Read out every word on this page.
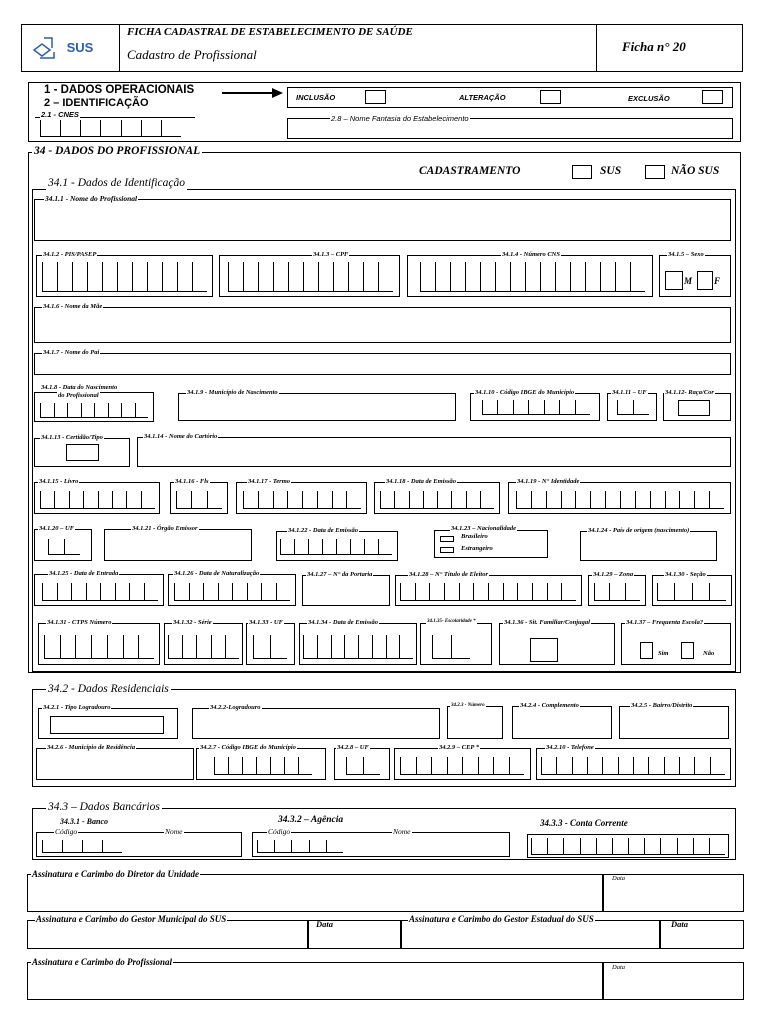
SUS
FICHA CADASTRAL DE ESTABELECIMENTO DE SAÚDE
Cadastro de Profissional
Ficha n° 20
1 - DADOS OPERACIONAIS
2 – IDENTIFICAÇÃO	INCLUSÃO	ALTERAÇÃO	EXCLUSÃO
2.1 - CNES	2.8 – Nome Fantasia do Estabelecimento
34 - DADOS DO PROFISSIONAL
CADASTRAMENTO	SUS	NÃO SUS
34.1 - Dados de Identificação
34.1.1 - Nome do Profissional
34.1.2 - PIS/PASEP	34.1.3 – CPF	34.1.4 - Número CNS	34.1.5 – Sexo
M F
34.1.6 - Nome da Mãe
34.1.7 - Nome do Pai
34.1.8 - Data do Nascimento
do Profissional	34.1.9 - Município de Nascimento	34.1.10 - Código IBGE do Município	34.1.11 – UF	34.1.12- Raça/Cor
34.1.13 - Certidão/Tipo	34.1.14 - Nome do Cartório
34.1.15 - Livro	34.1.16 - Fls	34.1.17 - Termo	34.1.18 - Data de Emissão	34.1.19 - N° Identidade
34.1.20 – UF	34.1.21 - Órgão Emissor	34.1.22 - Data de Emissão	34.1.23 – Nacionalidade
Brasileiro
Estrangeiro
34.1.24 - País de origem (nascimento)
34.1.25 - Data de Entrada	34.1.26 - Data de Naturalização	34.1.27 – N° da Portaria	34.1.28 – N° Título de Eleitor	34.1.29 – Zona	34.1.30 - Seção
34.1.31 - CTPS Número	34.1.32 - Série	34.1.33 - UF	34.1.34 - Data de Emissão	34.1.35- Escolaridade *	34.1.36 - Sit. Familiar/Conjugal	34.1.37 – Frequenta Escola?
Sim	Não
34.2 - Dados Residenciais
34.2.1 - Tipo Logradouro	34.2.2-Logradouro	34.2.3 - Número	34.2.4 - Complemento	34.2.5 - Bairro/Distrito
34.2.6 - Município de Residência	34.2.7 - Código IBGE do Município	34.2.8 – UF	34.2.9 – CEP *	34.2.10 - Telefone
34.3 – Dados Bancários
34.3.1 - Banco	34.3.2 – Agência	34.3.3 - Conta Corrente
Código	Nome	Código	Nome
Assinatura e Carimbo do Diretor da Unidade	Data
Assinatura e Carimbo do Gestor Municipal do SUS	Data	Assinatura e Carimbo do Gestor Estadual do SUS	Data
Assinatura e Carimbo do Profissional
Data
